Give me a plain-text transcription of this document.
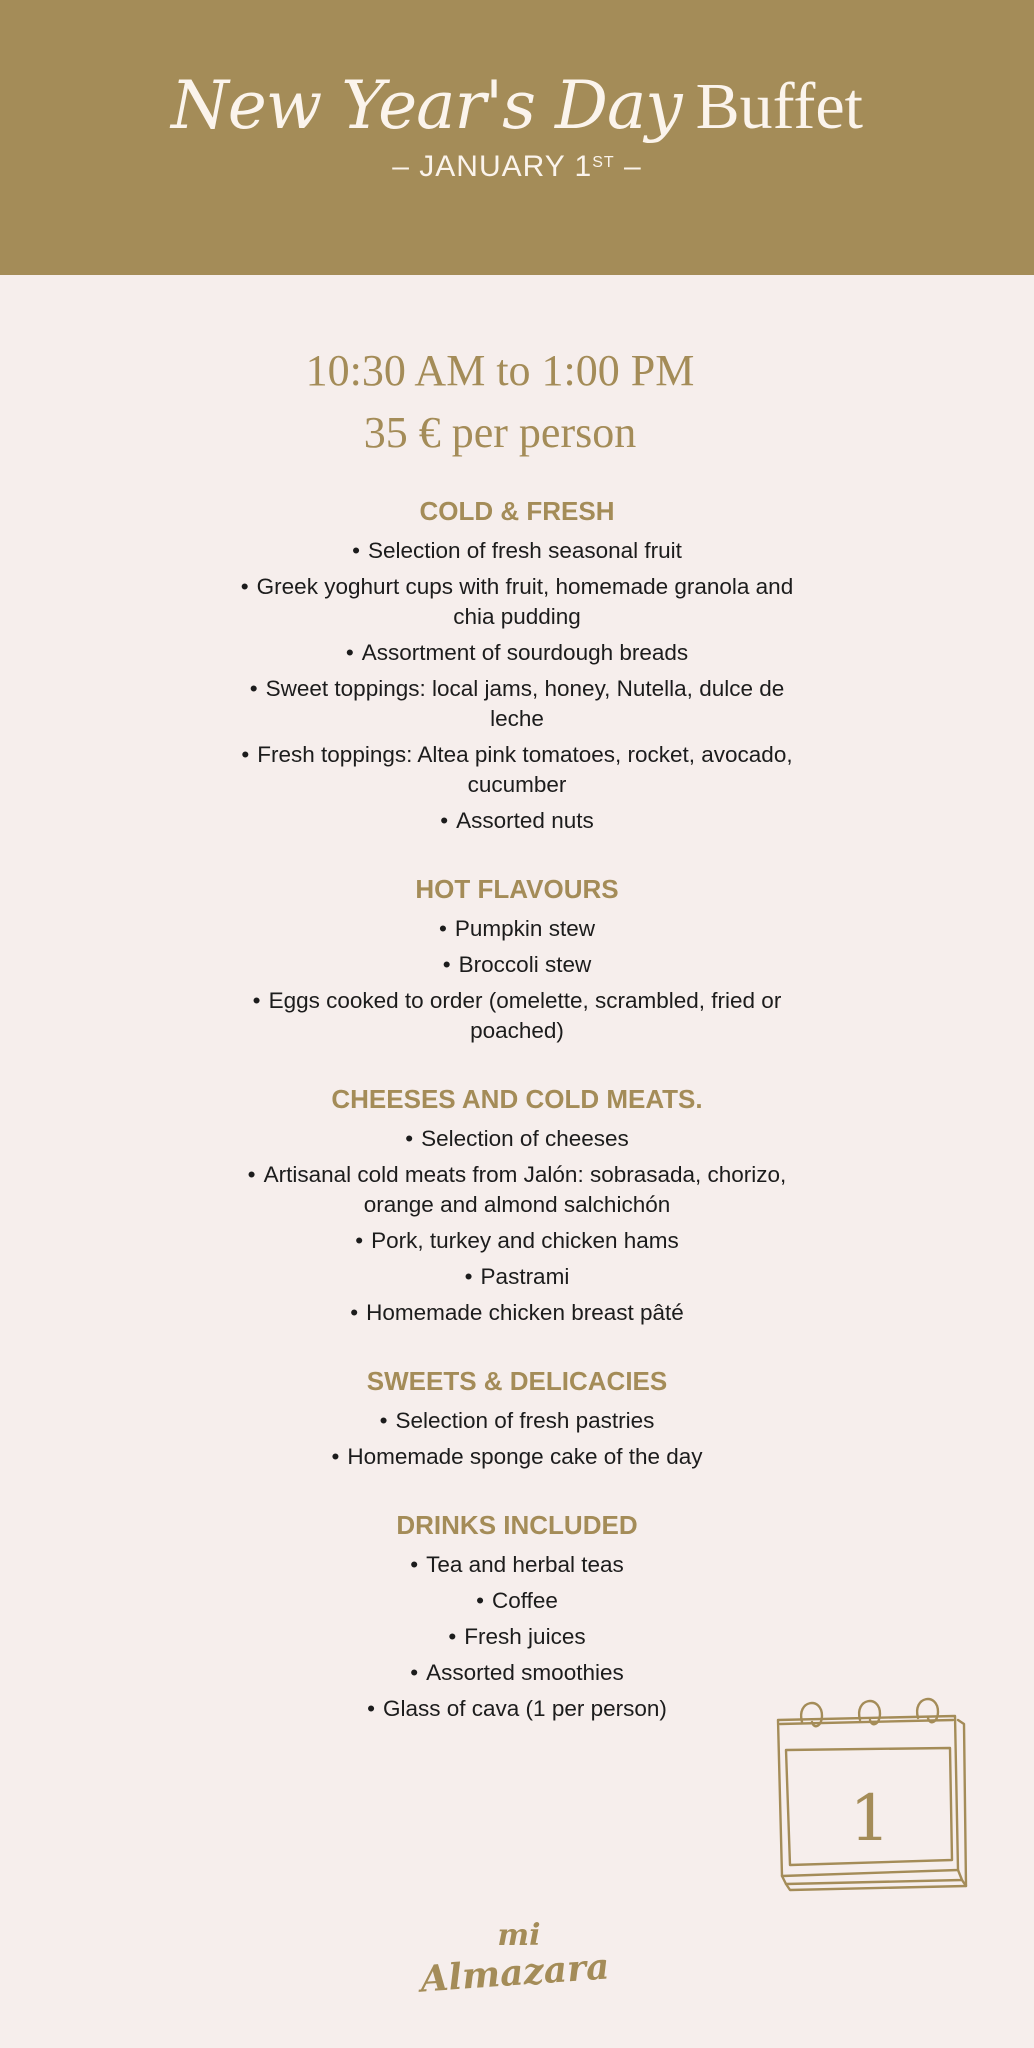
New Year's Day Buffet
– JANUARY 1ST –
10:30 AM to 1:00 PM
35 € per person
COLD & FRESH
• Selection of fresh seasonal fruit
• Greek yoghurt cups with fruit, homemade granola and chia pudding
• Assortment of sourdough breads
• Sweet toppings: local jams, honey, Nutella, dulce de leche
• Fresh toppings: Altea pink tomatoes, rocket, avocado, cucumber
• Assorted nuts
HOT FLAVOURS
• Pumpkin stew
• Broccoli stew
• Eggs cooked to order (omelette, scrambled, fried or poached)
CHEESES AND COLD MEATS.
• Selection of cheeses
• Artisanal cold meats from Jalón: sobrasada, chorizo, orange and almond salchichón
• Pork, turkey and chicken hams
• Pastrami
• Homemade chicken breast pâté
SWEETS & DELICACIES
• Selection of fresh pastries
• Homemade sponge cake of the day
DRINKS INCLUDED
• Tea and herbal teas
• Coffee
• Fresh juices
• Assorted smoothies
• Glass of cava (1 per person)
1
mi
Almazara
